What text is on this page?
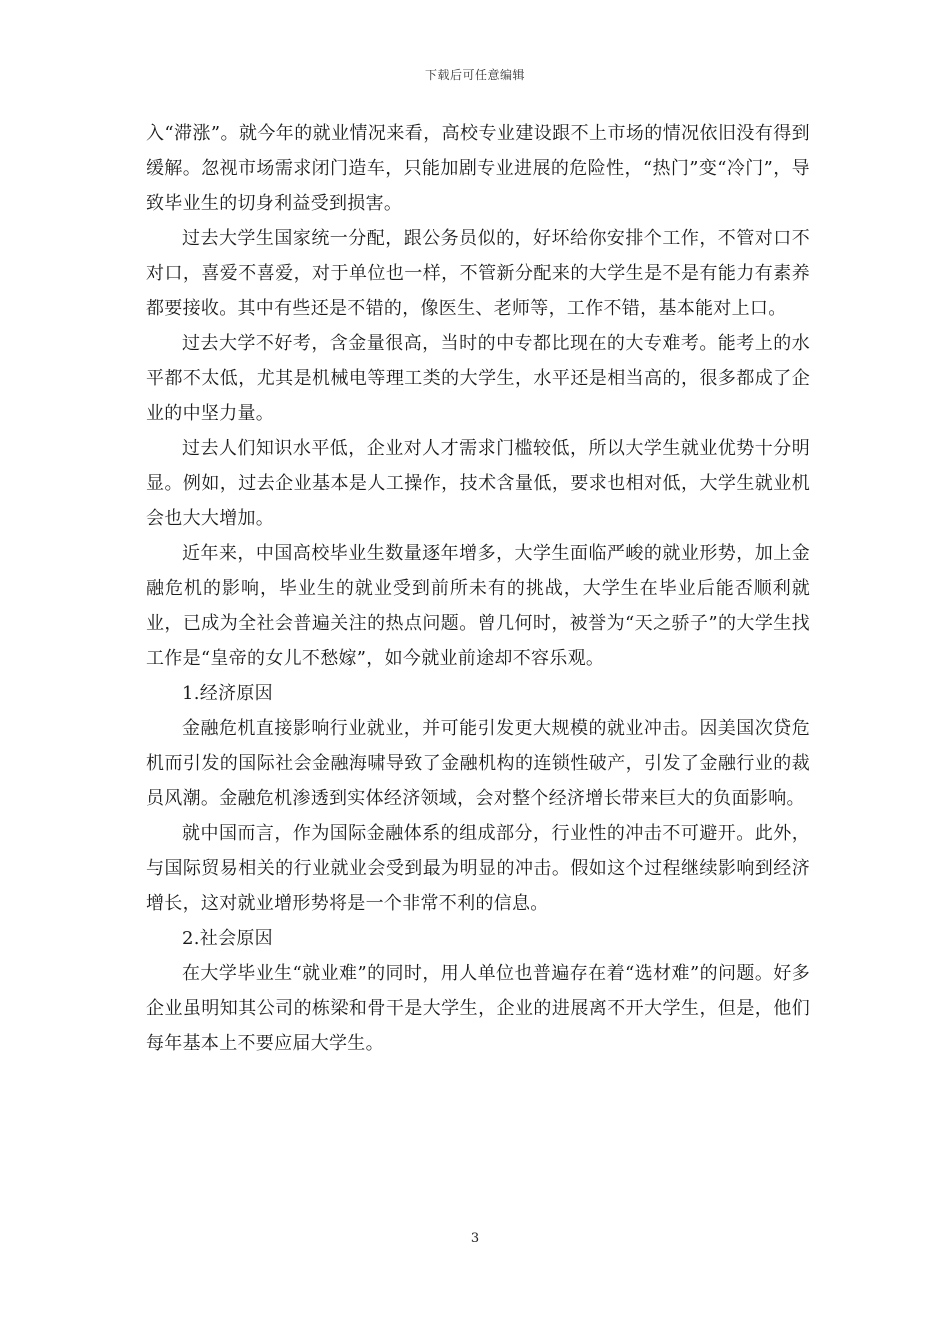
下载后可任意编辑

入“滞涨”。就今年的就业情况来看，高校专业建设跟不上市场的情况依旧没有得到缓解。忽视市场需求闭门造车，只能加剧专业进展的危险性，“热门”变“冷门”，导致毕业生的切身利益受到损害。

过去大学生国家统一分配，跟公务员似的，好坏给你安排个工作，不管对口不对口，喜爱不喜爱，对于单位也一样，不管新分配来的大学生是不是有能力有素养都要接收。其中有些还是不错的，像医生、老师等，工作不错，基本能对上口。

过去大学不好考，含金量很高，当时的中专都比现在的大专难考。能考上的水平都不太低，尤其是机械电等理工类的大学生，水平还是相当高的，很多都成了企业的中坚力量。

过去人们知识水平低，企业对人才需求门槛较低，所以大学生就业优势十分明显。例如，过去企业基本是人工操作，技术含量低，要求也相对低，大学生就业机会也大大增加。

近年来，中国高校毕业生数量逐年增多，大学生面临严峻的就业形势，加上金融危机的影响，毕业生的就业受到前所未有的挑战，大学生在毕业后能否顺利就业，已成为全社会普遍关注的热点问题。曾几何时，被誉为“天之骄子”的大学生找工作是“皇帝的女儿不愁嫁”，如今就业前途却不容乐观。

1.经济原因

金融危机直接影响行业就业，并可能引发更大规模的就业冲击。因美国次贷危机而引发的国际社会金融海啸导致了金融机构的连锁性破产，引发了金融行业的裁员风潮。金融危机渗透到实体经济领域，会对整个经济增长带来巨大的负面影响。

就中国而言，作为国际金融体系的组成部分，行业性的冲击不可避开。此外，与国际贸易相关的行业就业会受到最为明显的冲击。假如这个过程继续影响到经济增长，这对就业增形势将是一个非常不利的信息。

2.社会原因

在大学毕业生“就业难”的同时，用人单位也普遍存在着“选材难”的问题。好多企业虽明知其公司的栋梁和骨干是大学生，企业的进展离不开大学生，但是，他们每年基本上不要应届大学生。

3
